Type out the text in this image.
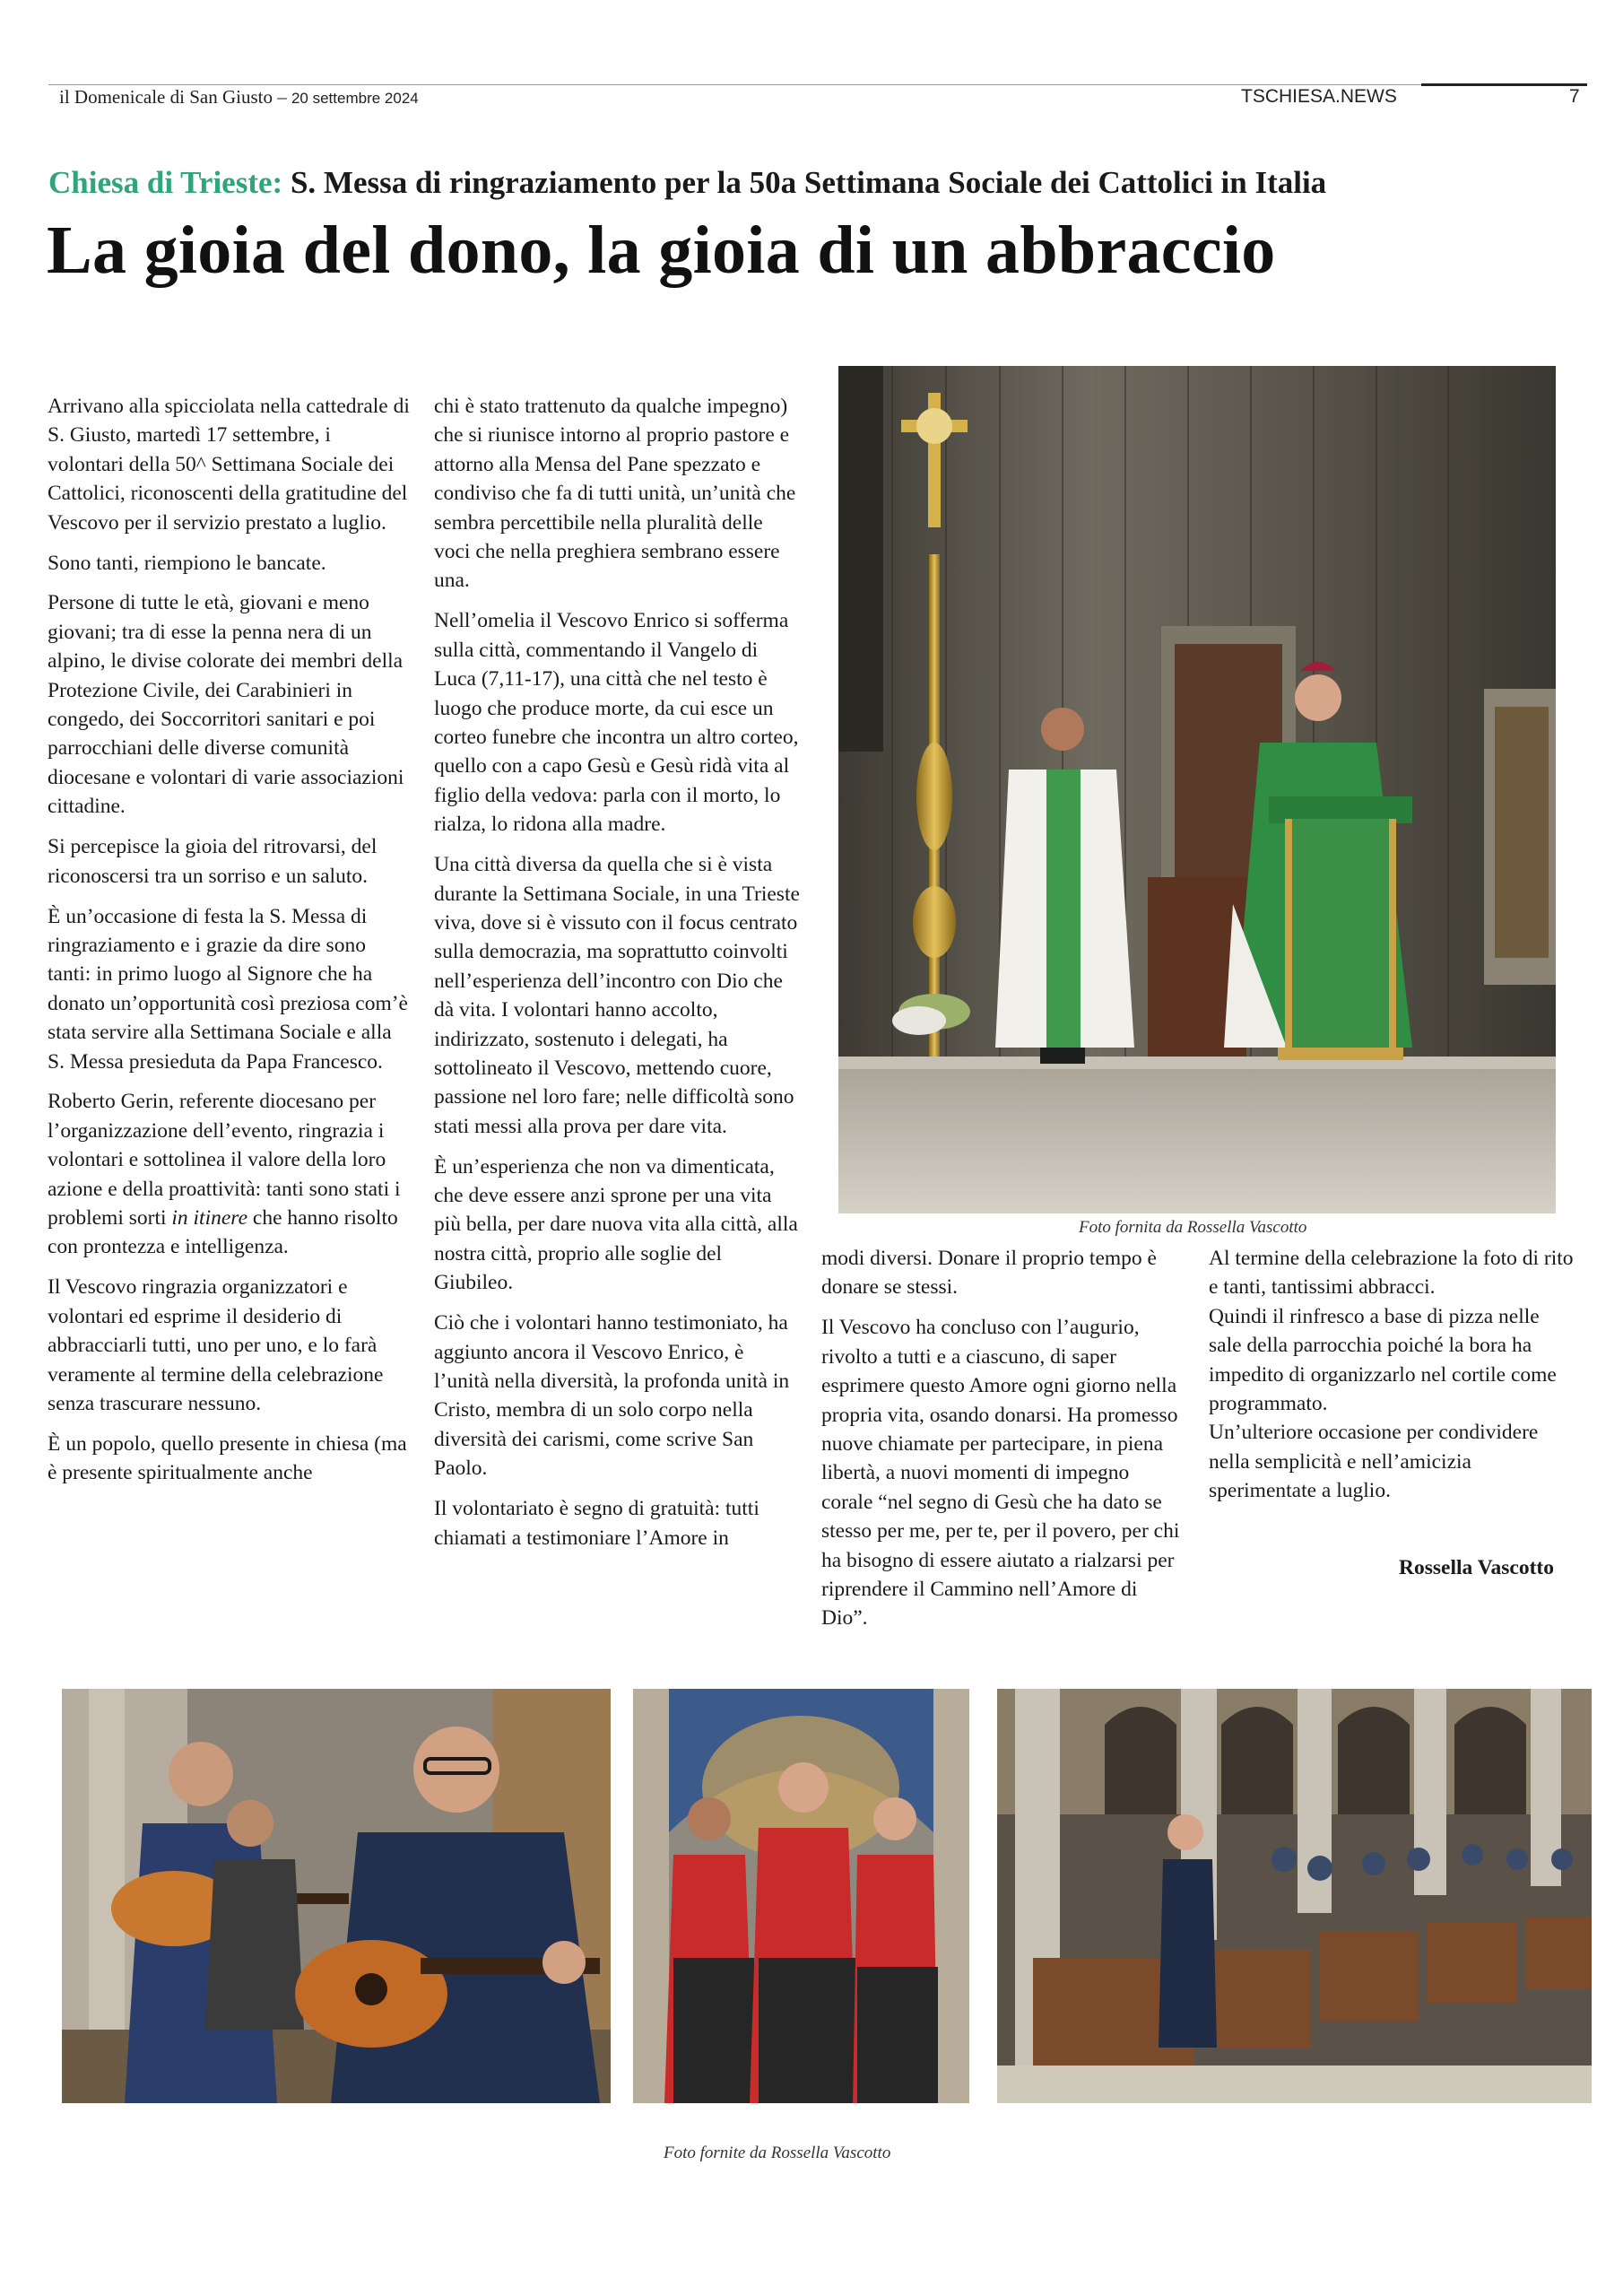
il Domenicale di San Giusto – 20 settembre 2024	TSCHIESA.NEWS	7
Chiesa di Trieste: S. Messa di ringraziamento per la 50a Settimana Sociale dei Cattolici in Italia
La gioia del dono, la gioia di un abbraccio

Arrivano alla spicciolata nella cattedrale di S. Giusto, martedì 17 settembre, i volontari della 50^ Settimana Sociale dei Cattolici, riconoscenti della gratitudine del Vescovo per il servizio prestato a luglio.

Sono tanti, riempiono le bancate.

Persone di tutte le età, giovani e meno giovani; tra di esse la penna nera di un alpino, le divise colorate dei membri della Protezione Civile, dei Carabinieri in congedo, dei Soccorritori sanitari e poi parrocchiani delle diverse comunità diocesane e volontari di varie associazioni cittadine.

Si percepisce la gioia del ritrovarsi, del riconoscersi tra un sorriso e un saluto.

È un’occasione di festa la S. Messa di ringraziamento e i grazie da dire sono tanti: in primo luogo al Signore che ha donato un’opportunità così preziosa com’è stata servire alla Settimana Sociale e alla S. Messa presieduta da Papa Francesco.

Roberto Gerin, referente diocesano per l’organizzazione dell’evento, ringrazia i volontari e sottolinea il valore della loro azione e della proattività: tanti sono stati i problemi sorti in itinere che hanno risolto con prontezza e intelligenza.

Il Vescovo ringrazia organizzatori e volontari ed esprime il desiderio di abbracciarli tutti, uno per uno, e lo farà veramente al termine della celebrazione senza trascurare nessuno.

È un popolo, quello presente in chiesa (ma è presente spiritualmente anche

chi è stato trattenuto da qualche impegno) che si riunisce intorno al proprio pastore e attorno alla Mensa del Pane spezzato e condiviso che fa di tutti unità, un’unità che sembra percettibile nella pluralità delle voci che nella preghiera sembrano essere una.

Nell’omelia il Vescovo Enrico si sofferma sulla città, commentando il Vangelo di Luca (7,11-17), una città che nel testo è luogo che produce morte, da cui esce un corteo funebre che incontra un altro corteo, quello con a capo Gesù e Gesù ridà vita al figlio della vedova: parla con il morto, lo rialza, lo ridona alla madre.

Una città diversa da quella che si è vista durante la Settimana Sociale, in una Trieste viva, dove si è vissuto con il focus centrato sulla democrazia, ma soprattutto coinvolti nell’esperienza dell’incontro con Dio che dà vita. I volontari hanno accolto, indirizzato, sostenuto i delegati, ha sottolineato il Vescovo, mettendo cuore, passione nel loro fare; nelle difficoltà sono stati messi alla prova per dare vita.

È un’esperienza che non va dimenticata, che deve essere anzi sprone per una vita più bella, per dare nuova vita alla città, alla nostra città, proprio alle soglie del Giubileo.

Ciò che i volontari hanno testimoniato, ha aggiunto ancora il Vescovo Enrico, è l’unità nella diversità, la profonda unità in Cristo, membra di un solo corpo nella diversità dei carismi, come scrive San Paolo.

Il volontariato è segno di gratuità: tutti chiamati a testimoniare l’Amore in

Foto fornita da Rossella Vascotto

modi diversi. Donare il proprio tempo è donare se stessi.

Il Vescovo ha concluso con l’augurio, rivolto a tutti e a ciascuno, di saper esprimere questo Amore ogni giorno nella propria vita, osando donarsi. Ha promesso nuove chiamate per partecipare, in piena libertà, a nuovi momenti di impegno corale “nel segno di Gesù che ha dato se stesso per me, per te, per il povero, per chi ha bisogno di essere aiutato a rialzarsi per riprendere il Cammino nell’Amore di Dio”.

Al termine della celebrazione la foto di rito e tanti, tantissimi abbracci.

Quindi il rinfresco a base di pizza nelle sale della parrocchia poiché la bora ha impedito di organizzarlo nel cortile come programmato.

Un’ulteriore occasione per condividere nella semplicità e nell’amicizia sperimentate a luglio.

Rossella Vascotto
Foto fornite da Rossella Vascotto
